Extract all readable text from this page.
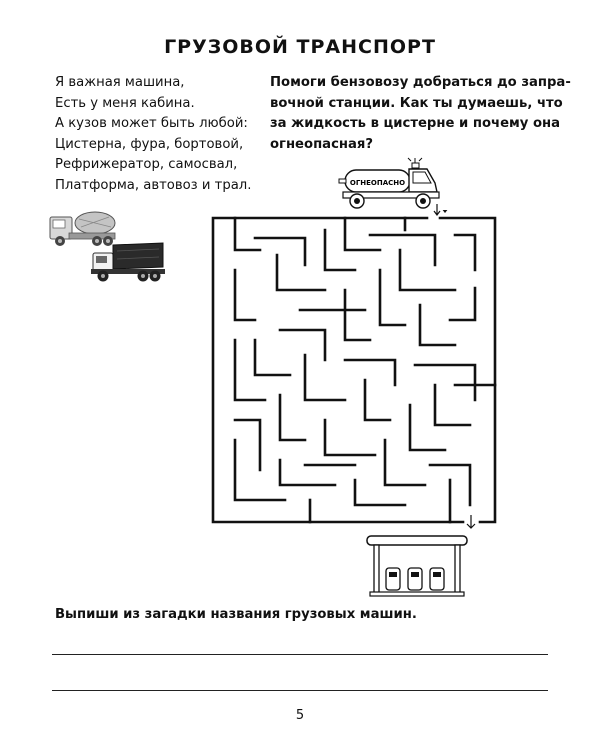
ГРУЗОВОЙ ТРАНСПОРТ
Я важная машина,
Есть у меня кабина.
А кузов может быть любой:
Цистерна, фура, бортовой,
Рефрижератор, самосвал,
Платформа, автовоз и трал.
Помоги бензовозу добраться до запра-
вочной станции. Как ты думаешь, что
за жидкость в цистерне и почему она
огнеопасная?
ОГНЕОПАСНО
Выпиши из загадки названия грузовых машин.
5
